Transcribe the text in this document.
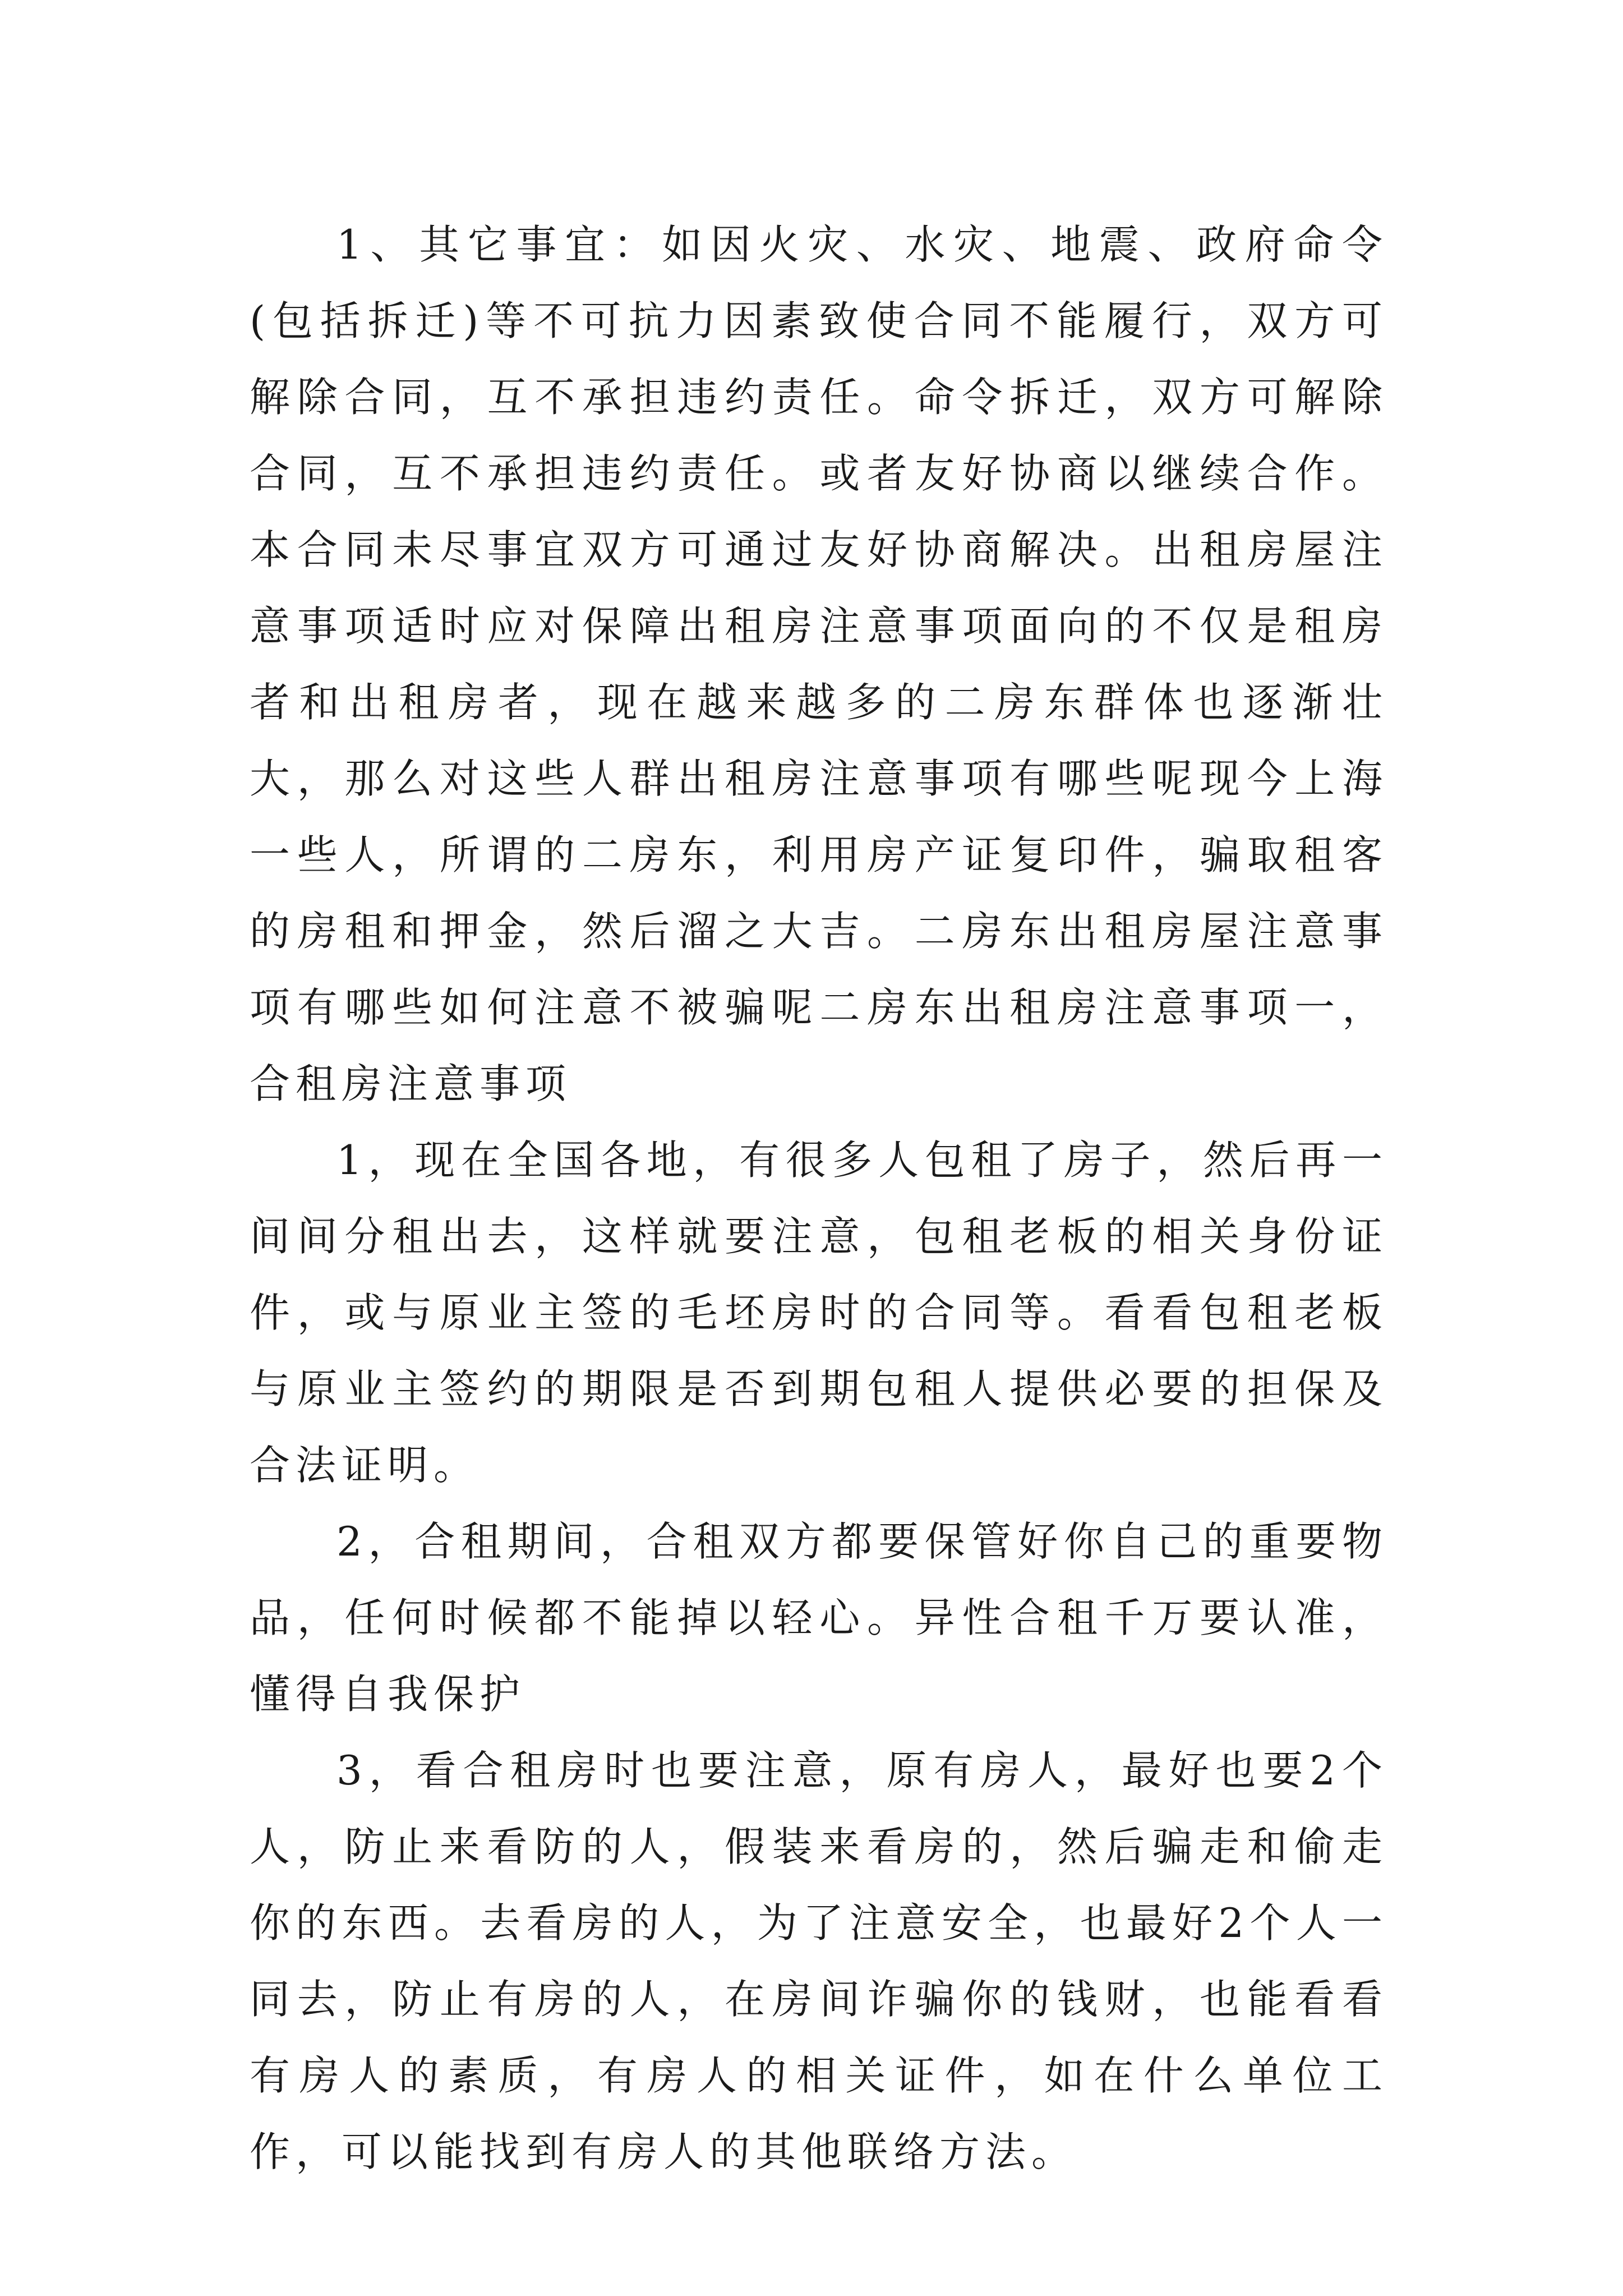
1、其它事宜：如因火灾、水灾、地震、政府命令(包括拆迁)等不可抗力因素致使合同不能履行，双方可解除合同，互不承担违约责任。命令拆迁，双方可解除合同，互不承担违约责任。或者友好协商以继续合作。本合同未尽事宜双方可通过友好协商解决。出租房屋注意事项适时应对保障出租房注意事项面向的不仅是租房者和出租房者，现在越来越多的二房东群体也逐渐壮大，那么对这些人群出租房注意事项有哪些呢现今上海一些人，所谓的二房东，利用房产证复印件，骗取租客的房租和押金，然后溜之大吉。二房东出租房屋注意事项有哪些如何注意不被骗呢二房东出租房注意事项一，合租房注意事项

1，现在全国各地，有很多人包租了房子，然后再一间间分租出去，这样就要注意，包租老板的相关身份证件，或与原业主签的毛坯房时的合同等。看看包租老板与原业主签约的期限是否到期包租人提供必要的担保及合法证明。

2，合租期间，合租双方都要保管好你自己的重要物品，任何时候都不能掉以轻心。异性合租千万要认准，懂得自我保护

3，看合租房时也要注意，原有房人，最好也要2个人，防止来看防的人，假装来看房的，然后骗走和偷走你的东西。去看房的人，为了注意安全，也最好2个人一同去，防止有房的人，在房间诈骗你的钱财，也能看看有房人的素质，有房人的相关证件，如在什么单位工作，可以能找到有房人的其他联络方法。
